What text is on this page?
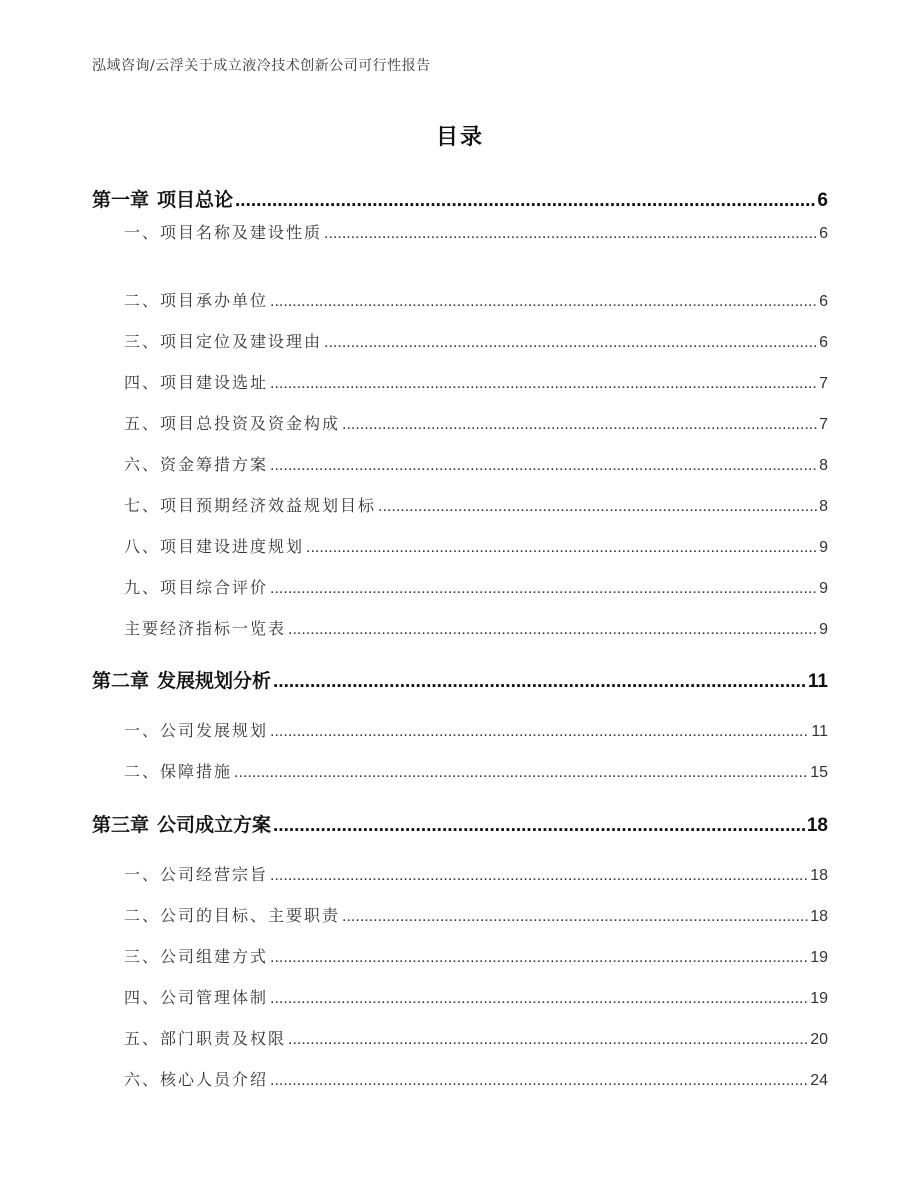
泓域咨询/云浮关于成立液冷技术创新公司可行性报告
目录
第一章 项目总论 .....	6
一、 项目名称及建设性质 .....	6
二、 项目承办单位 .....	6
三、 项目定位及建设理由 .....	6
四、 项目建设选址 .....	7
五、 项目总投资及资金构成 .....	7
六、 资金筹措方案 .....	8
七、 项目预期经济效益规划目标 .....	8
八、 项目建设进度规划 .....	9
九、 项目综合评价 .....	9
主要经济指标一览表 .....	9
第二章 发展规划分析 .....	11
一、 公司发展规划 .....	11
二、 保障措施 .....	15
第三章 公司成立方案 .....	18
一、 公司经营宗旨 .....	18
二、 公司的目标、主要职责 .....	18
三、 公司组建方式 .....	19
四、 公司管理体制 .....	19
五、 部门职责及权限 .....	20
六、 核心人员介绍 .....	24
